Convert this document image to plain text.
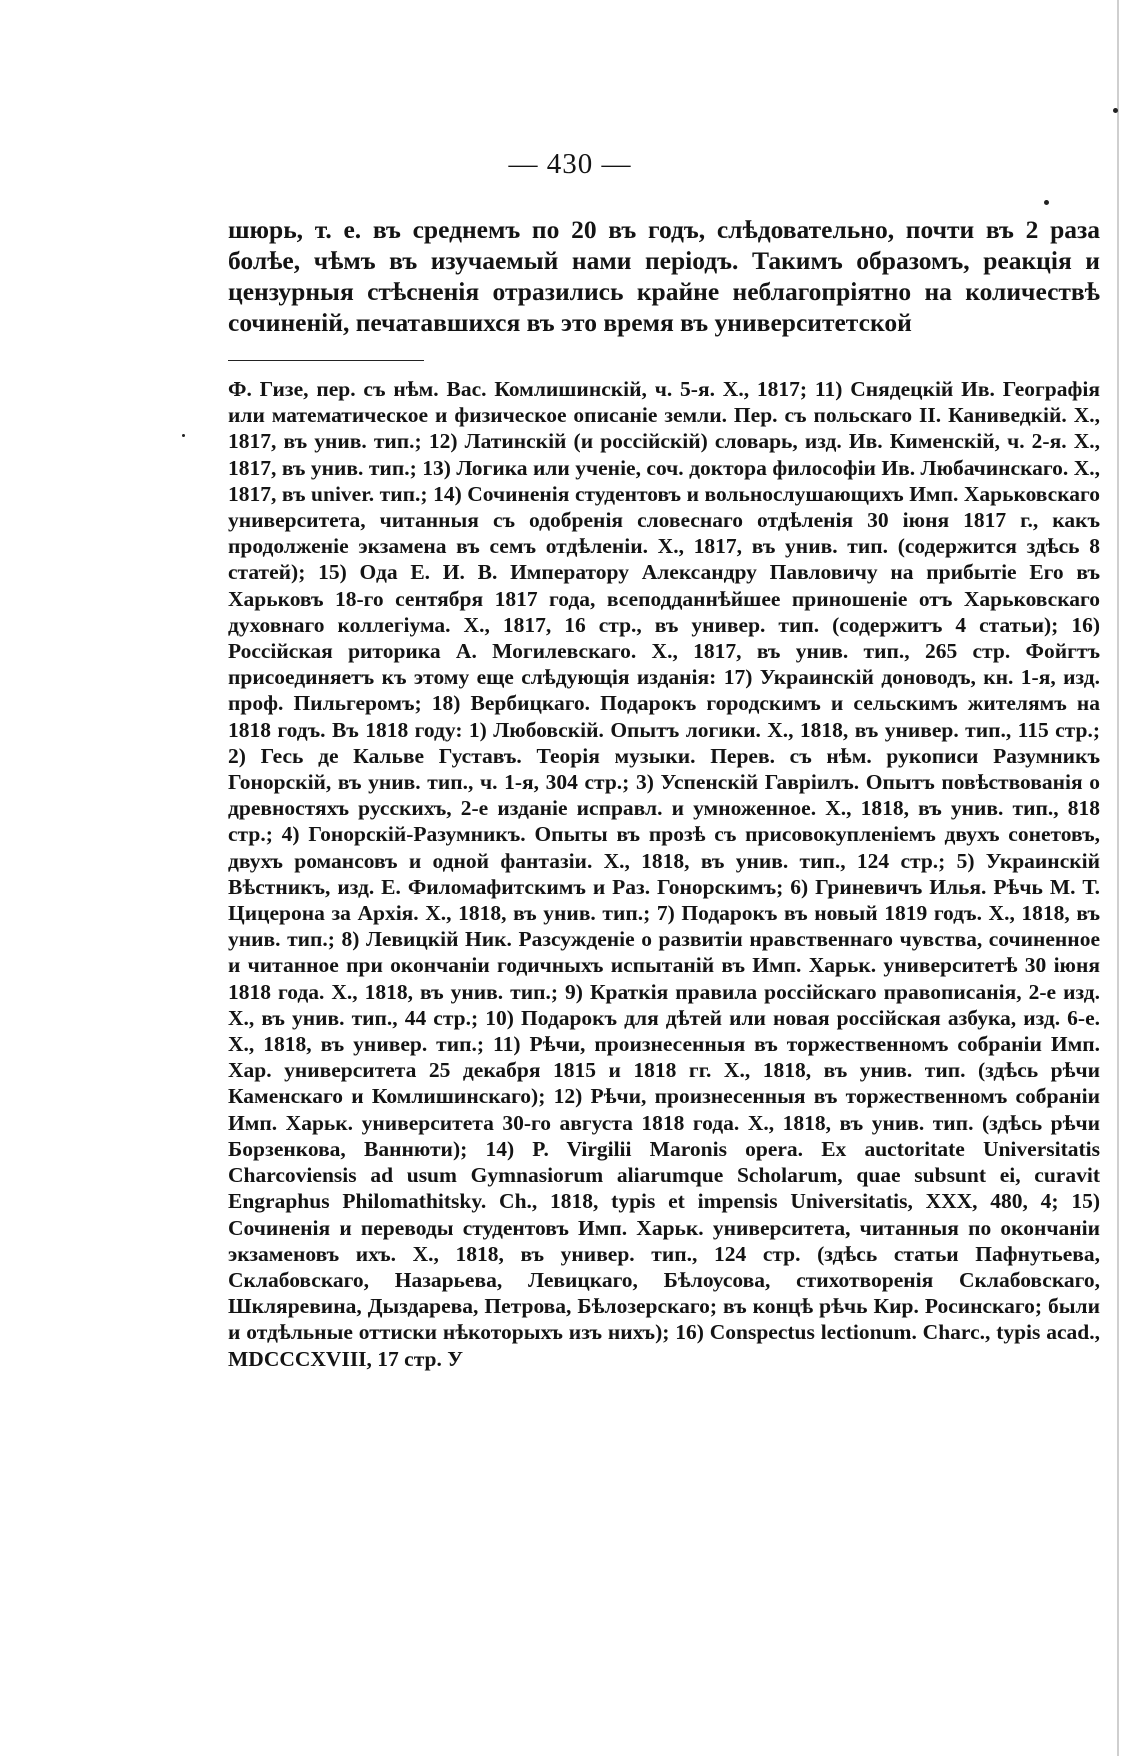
— 430 —
шюрь, т. е. въ среднемъ по 20 въ годъ, слѣдовательно, почти въ 2 раза болѣе, чѣмъ въ изучаемый нами періодъ. Такимъ образомъ, реакція и цензурныя стѣсненія отразились крайне неблагопріятно на количествѣ сочиненій, печатавшихся въ это время въ университетской
Ф. Гизе, пер. съ нѣм. Вас. Комлишинскій, ч. 5-я. Х., 1817; 11) Снядецкій Ив. Географія или математическое и физическое описаніе земли. Пер. съ польскаго II. Каниведкій. Х., 1817, въ унив. тип.; 12) Латинскій (и россійскій) словарь, изд. Ив. Кименскій, ч. 2-я. Х., 1817, въ унив. тип.; 13) Логика или ученіе, соч. доктора философіи Ив. Любачинскаго. Х., 1817, въ univer. тип.; 14) Сочиненія студентовъ и вольнослушающихъ Имп. Харьковскаго университета, читанныя съ одобренія словеснаго отдѣленія 30 іюня 1817 г., какъ продолженіе экзамена въ семъ отдѣленіи. Х., 1817, въ унив. тип. (содержится здѣсь 8 статей); 15) Ода Е. И. В. Императору Александру Павловичу на прибытіе Его въ Харьковъ 18-го сентября 1817 года, всеподданнѣйшее приношеніе отъ Харьковскаго духовнаго коллегіума. Х., 1817, 16 стр., въ универ. тип. (содержитъ 4 статьи); 16) Россійская риторика А. Могилевскаго. Х., 1817, въ унив. тип., 265 стр. Фойгтъ присоединяетъ къ этому еще слѣдующія изданія: 17) Украинскій доноводъ, кн. 1-я, изд. проф. Пильгеромъ; 18) Вербицкаго. Подарокъ городскимъ и сельскимъ жителямъ на 1818 годъ. Въ 1818 году: 1) Любовскій. Опытъ логики. Х., 1818, въ универ. тип., 115 стр.; 2) Гесь де Кальве Густавъ. Теорія музыки. Перев. съ нѣм. рукописи Разумникъ Гонорскій, въ унив. тип., ч. 1-я, 304 стр.; 3) Успенскій Гавріилъ. Опытъ повѣствованія о древностяхъ русскихъ, 2-е изданіе исправл. и умноженное. Х., 1818, въ унив. тип., 818 стр.; 4) Гонорскій-Разумникъ. Опыты въ прозѣ съ присовокупленіемъ двухъ сонетовъ, двухъ романсовъ и одной фантазіи. Х., 1818, въ унив. тип., 124 стр.; 5) Украинскій Вѣстникъ, изд. Е. Филомафитскимъ и Раз. Гонорскимъ; 6) Гриневичъ Илья. Рѣчь М. Т. Цицерона за Архія. Х., 1818, въ унив. тип.; 7) Подарокъ въ новый 1819 годъ. Х., 1818, въ унив. тип.; 8) Левицкій Ник. Разсужденіе о развитіи нравственнаго чувства, сочиненное и читанное при окончаніи годичныхъ испытаній въ Имп. Харьк. университетѣ 30 іюня 1818 года. Х., 1818, въ унив. тип.; 9) Краткія правила россійскаго правописанія, 2-е изд. Х., въ унив. тип., 44 стр.; 10) Подарокъ для дѣтей или новая россійская азбука, изд. 6-е. Х., 1818, въ универ. тип.; 11) Рѣчи, произнесенныя въ торжественномъ собраніи Имп. Хар. университета 25 декабря 1815 и 1818 гг. Х., 1818, въ унив. тип. (здѣсь рѣчи Каменскаго и Комлишинскаго); 12) Рѣчи, произнесенныя въ торжественномъ собраніи Имп. Харьк. университета 30-го августа 1818 года. Х., 1818, въ унив. тип. (здѣсь рѣчи Борзенкова, Ваннюти); 14) P. Virgilii Maronis opera. Ex auctoritate Universitatis Charcoviensis ad usum Gymnasiorum aliarumque Scholarum, quae subsunt ei, curavit Engraphus Philomathitsky. Ch., 1818, typis et impensis Universitatis, XXX, 480, 4; 15) Сочиненія и переводы студентовъ Имп. Харьк. университета, читанныя по окончаніи экзаменовъ ихъ. Х., 1818, въ универ. тип., 124 стр. (здѣсь статьи Пафнутьева, Склабовскаго, Назарьева, Левицкаго, Бѣлоусова, стихотворенія Склабовскаго, Шкляревина, Дыздарева, Петрова, Бѣлозерскаго; въ концѣ рѣчь Кир. Росинскаго; были и отдѣльные оттиски нѣкоторыхъ изъ нихъ); 16) Conspectus lectionum. Charc., typis acad., MDCCCXVIII, 17 стр. У
